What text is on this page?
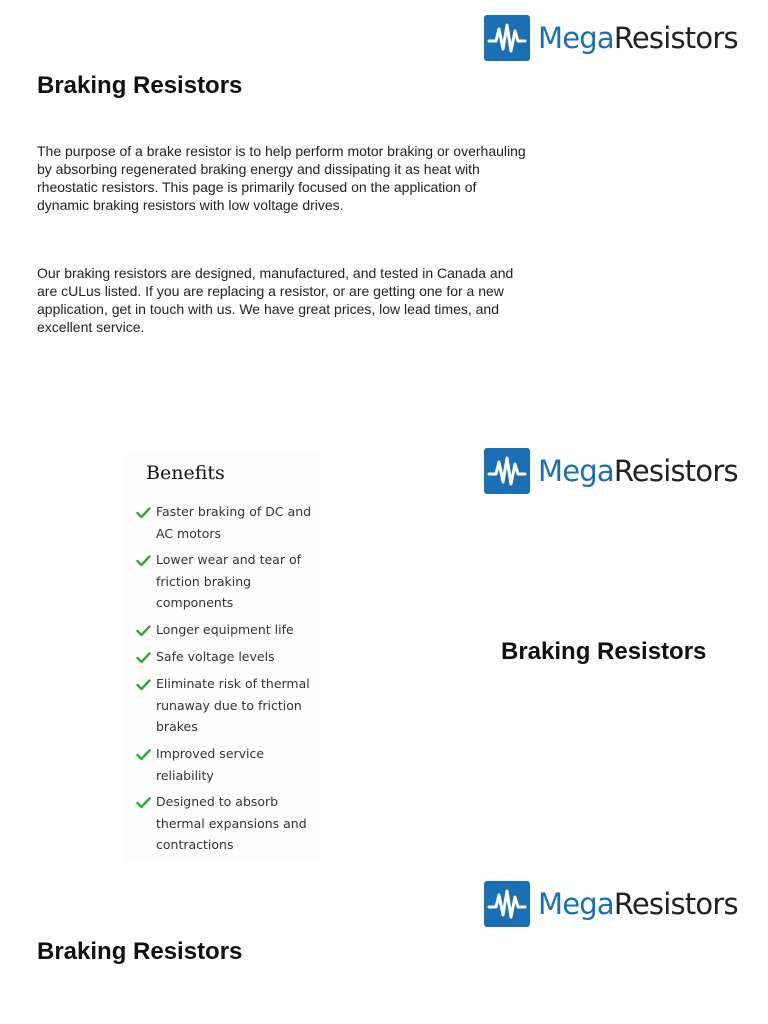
MegaResistors
Braking Resistors

The purpose of a brake resistor is to help perform motor braking or overhauling by absorbing regenerated braking energy and dissipating it as heat with rheostatic resistors. This page is primarily focused on the application of dynamic braking resistors with low voltage drives.

Our braking resistors are designed, manufactured, and tested in Canada and are cULus listed. If you are replacing a resistor, or are getting one for a new application, get in touch with us. We have great prices, low lead times, and excellent service.

Benefits
Faster braking of DC and AC motors
Lower wear and tear of friction braking components
Longer equipment life
Safe voltage levels
Eliminate risk of thermal runaway due to friction brakes
Improved service reliability
Designed to absorb thermal expansions and contractions
MegaResistors
Braking Resistors
MegaResistors
Braking Resistors
